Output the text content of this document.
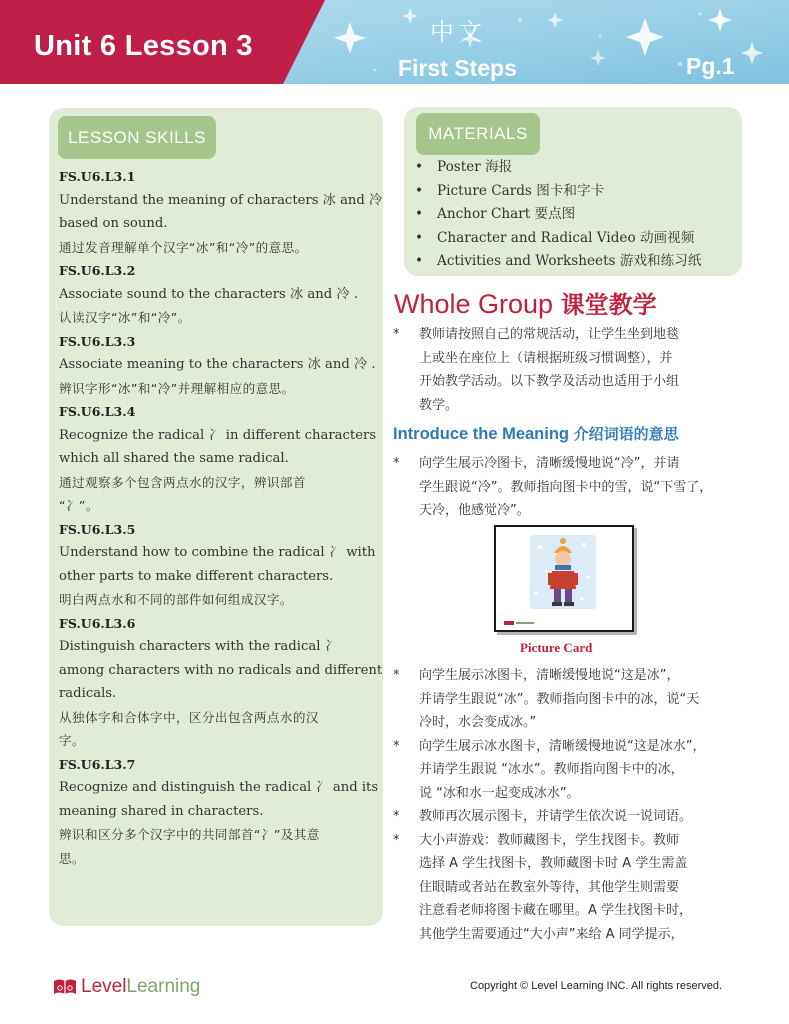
Unit 6 Lesson 3	中文
First Steps	Pg.1
LESSON SKILLS
FS.U6.L3.1
Understand the meaning of characters 冰 and 冷
based on sound.
通过发音理解单个汉字“冰”和“冷”的意思。
FS.U6.L3.2
Associate sound to the characters 冰 and 冷 .
认读汉字“冰”和“冷”。
FS.U6.L3.3
Associate meaning to the characters 冰 and 冷 .
辨识字形“冰”和“冷”并理解相应的意思。
FS.U6.L3.4
Recognize the radical 冫 in different characters
which all shared the same radical.
通过观察多个包含两点水的汉字，辨识部首
“冫”。
FS.U6.L3.5
Understand how to combine the radical 冫 with
other parts to make different characters.
明白两点水和不同的部件如何组成汉字。
FS.U6.L3.6
Distinguish characters with the radical 冫
among characters with no radicals and different
radicals.
从独体字和合体字中，区分出包含两点水的汉
字。
FS.U6.L3.7
Recognize and distinguish the radical 冫 and its
meaning shared in characters.
辨识和区分多个汉字中的共同部首“冫”及其意
思。
MATERIALS
• Poster 海报
• Picture Cards 图卡和字卡
• Anchor Chart 要点图
• Character and Radical Video 动画视频
• Activities and Worksheets 游戏和练习纸
Whole Group 课堂教学
* 教师请按照自己的常规活动，让学生坐到地毯
上或坐在座位上（请根据班级习惯调整），并
开始教学活动。以下教学及活动也适用于小组
教学。
Introduce the Meaning 介绍词语的意思
* 向学生展示冷图卡，清晰缓慢地说“冷”，并请
学生跟说“冷”。教师指向图卡中的雪，说“下雪了，
天冷，他感觉冷”。
Picture Card
* 向学生展示冰图卡，清晰缓慢地说“这是冰”，
并请学生跟说“冰”。教师指向图卡中的冰，说“天
冷时，水会变成冰。”
* 向学生展示冰水图卡，清晰缓慢地说“这是冰水”，
并请学生跟说 “冰水”。教师指向图卡中的冰，
说 “冰和水一起变成冰水”。
* 教师再次展示图卡，并请学生依次说一说词语。
* 大小声游戏：教师藏图卡，学生找图卡。教师
选择 A 学生找图卡，教师藏图卡时 A 学生需盖
住眼睛或者站在教室外等待，其他学生则需要
注意看老师将图卡藏在哪里。A 学生找图卡时，
其他学生需要通过“大小声”来给 A 同学提示，
LevelLearning	Copyright © Level Learning INC. All rights reserved.
